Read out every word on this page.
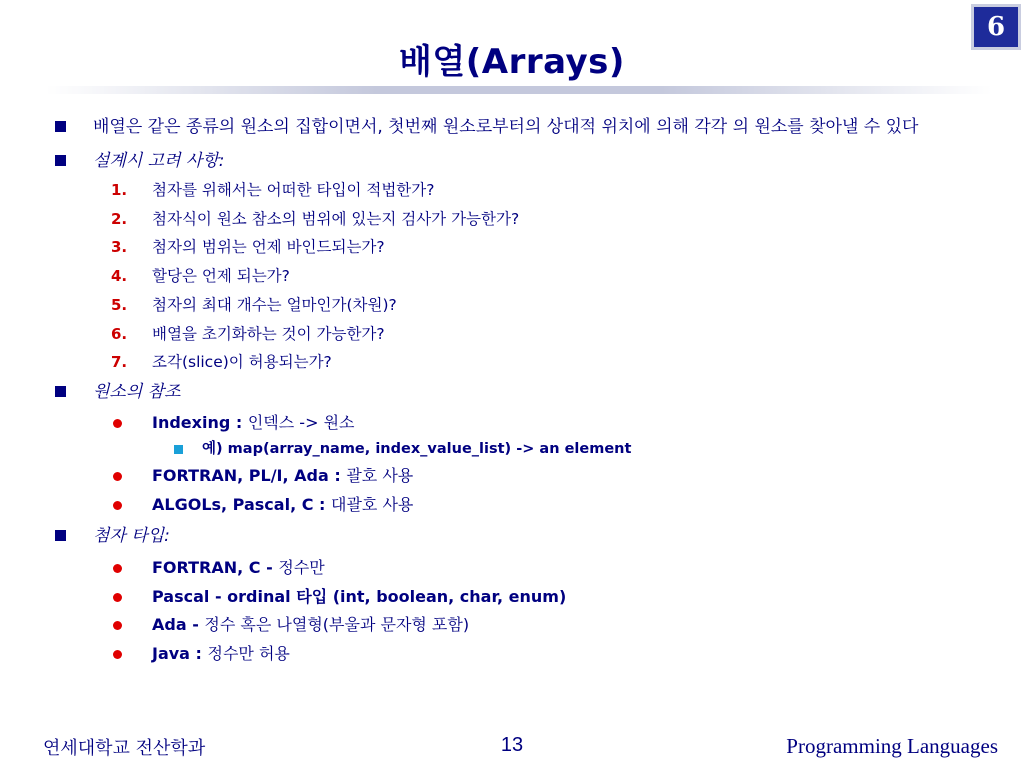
6
배열(Arrays)
배열은 같은 종류의 원소의 집합이면서, 첫번째 원소로부터의 상대적 위치에 의해 각각 의 원소를 찾아낼 수 있다
설계시 고려 사항:
1. 첨자를 위해서는 어떠한 타입이 적법한가?
2. 첨자식이 원소 참소의 범위에 있는지 검사가 가능한가?
3. 첨자의 범위는 언제 바인드되는가?
4. 할당은 언제 되는가?
5. 첨자의 최대 개수는 얼마인가(차원)?
6. 배열을 초기화하는 것이 가능한가?
7. 조각(slice)이 허용되는가?
원소의 참조
Indexing : 인덱스 -> 원소
예) map(array_name, index_value_list) -> an element
FORTRAN, PL/I, Ada : 괄호 사용
ALGOLs, Pascal, C : 대괄호 사용
첨자 타입:
FORTRAN, C - 정수만
Pascal - ordinal 타입 (int, boolean, char, enum)
Ada - 정수 혹은 나열형(부울과 문자형 포함)
Java : 정수만 허용
연세대학교 전산학과	13	Programming Languages
